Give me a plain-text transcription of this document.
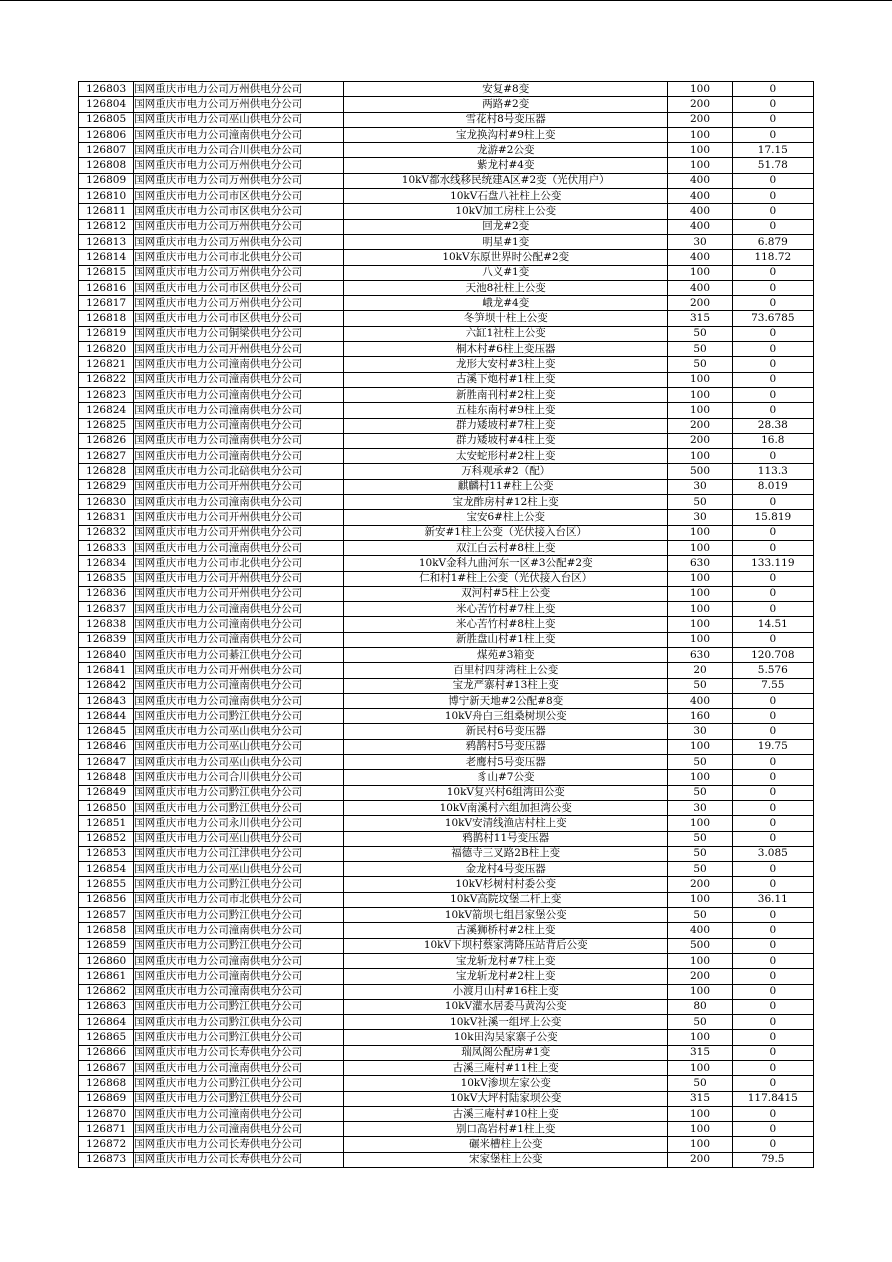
126803	国网重庆市电力公司万州供电分公司	安复#8变	100	0
126804	国网重庆市电力公司万州供电分公司	两路#2变	200	0
126805	国网重庆市电力公司巫山供电分公司	雪花村8号变压器	200	0
126806	国网重庆市电力公司潼南供电分公司	宝龙换沟村#9柱上变	100	0
126807	国网重庆市电力公司合川供电分公司	龙游#2公变	100	17.15
126808	国网重庆市电力公司万州供电分公司	紫龙村#4变	100	51.78
126809	国网重庆市电力公司万州供电分公司	10kV都水线移民统建A区#2变（光伏用户）	400	0
126810	国网重庆市电力公司市区供电分公司	10kV石盘八社柱上公变	400	0
126811	国网重庆市电力公司市区供电分公司	10kV加工房柱上公变	400	0
126812	国网重庆市电力公司万州供电分公司	回龙#2变	400	0
126813	国网重庆市电力公司万州供电分公司	明星#1变	30	6.879
126814	国网重庆市电力公司市北供电分公司	10kV东原世界时公配#2变	400	118.72
126815	国网重庆市电力公司万州供电分公司	八义#1变	100	0
126816	国网重庆市电力公司市区供电分公司	天池8社柱上公变	400	0
126817	国网重庆市电力公司万州供电分公司	峨龙#4变	200	0
126818	国网重庆市电力公司市区供电分公司	冬笋坝十柱上公变	315	73.6785
126819	国网重庆市电力公司铜梁供电分公司	六缸1社柱上公变	50	0
126820	国网重庆市电力公司开州供电分公司	桐木村#6柱上变压器	50	0
126821	国网重庆市电力公司潼南供电分公司	龙形大安村#3柱上变	50	0
126822	国网重庆市电力公司潼南供电分公司	古溪下炮村#1柱上变	100	0
126823	国网重庆市电力公司潼南供电分公司	新胜南刊村#2柱上变	100	0
126824	国网重庆市电力公司潼南供电分公司	五桂东南村#9柱上变	100	0
126825	国网重庆市电力公司潼南供电分公司	群力矮坡村#7柱上变	200	28.38
126826	国网重庆市电力公司潼南供电分公司	群力矮坡村#4柱上变	200	16.8
126827	国网重庆市电力公司潼南供电分公司	太安蛇形村#2柱上变	100	0
126828	国网重庆市电力公司北碚供电分公司	万科观承#2（配）	500	113.3
126829	国网重庆市电力公司开州供电分公司	麒麟村11#柱上公变	30	8.019
126830	国网重庆市电力公司潼南供电分公司	宝龙酢房村#12柱上变	50	0
126831	国网重庆市电力公司开州供电分公司	宝安6#柱上公变	30	15.819
126832	国网重庆市电力公司开州供电分公司	新安#1柱上公变（光伏接入台区）	100	0
126833	国网重庆市电力公司潼南供电分公司	双江白云村#8柱上变	100	0
126834	国网重庆市电力公司市北供电分公司	10kV金科九曲河东一区#3公配#2变	630	133.119
126835	国网重庆市电力公司开州供电分公司	仁和村1#柱上公变（光伏接入台区）	100	0
126836	国网重庆市电力公司开州供电分公司	双河村#5柱上公变	100	0
126837	国网重庆市电力公司潼南供电分公司	米心苦竹村#7柱上变	100	0
126838	国网重庆市电力公司潼南供电分公司	米心苦竹村#8柱上变	100	14.51
126839	国网重庆市电力公司潼南供电分公司	新胜盘山村#1柱上变	100	0
126840	国网重庆市电力公司綦江供电分公司	煤苑#3箱变	630	120.708
126841	国网重庆市电力公司开州供电分公司	百里村四芽湾柱上公变	20	5.576
126842	国网重庆市电力公司潼南供电分公司	宝龙严寨村#13柱上变	50	7.55
126843	国网重庆市电力公司潼南供电分公司	博宁新天地#2公配#8变	400	0
126844	国网重庆市电力公司黔江供电分公司	10kV舟白三组桑树坝公变	160	0
126845	国网重庆市电力公司巫山供电分公司	新民村6号变压器	30	0
126846	国网重庆市电力公司巫山供电分公司	鸦鹊村5号变压器	100	19.75
126847	国网重庆市电力公司巫山供电分公司	老鹰村5号变压器	50	0
126848	国网重庆市电力公司合川供电分公司	豸山#7公变	100	0
126849	国网重庆市电力公司黔江供电分公司	10kV复兴村6组湾田公变	50	0
126850	国网重庆市电力公司黔江供电分公司	10kV南溪村六组加担湾公变	30	0
126851	国网重庆市电力公司永川供电分公司	10kV安清线渔店村柱上变	100	0
126852	国网重庆市电力公司巫山供电分公司	鸦鹊村11号变压器	50	0
126853	国网重庆市电力公司江津供电分公司	福德寺三叉路2B柱上变	50	3.085
126854	国网重庆市电力公司巫山供电分公司	金龙村4号变压器	50	0
126855	国网重庆市电力公司黔江供电分公司	10kV杉树村村委公变	200	0
126856	国网重庆市电力公司市北供电分公司	10kV高院坟堡二杆上变	100	36.11
126857	国网重庆市电力公司黔江供电分公司	10kV箭坝七组吕家堡公变	50	0
126858	国网重庆市电力公司潼南供电分公司	古溪狮桥村#2柱上变	400	0
126859	国网重庆市电力公司黔江供电分公司	10kV下坝村蔡家湾降压站背后公变	500	0
126860	国网重庆市电力公司潼南供电分公司	宝龙斩龙村#7柱上变	100	0
126861	国网重庆市电力公司潼南供电分公司	宝龙斩龙村#2柱上变	200	0
126862	国网重庆市电力公司潼南供电分公司	小渡月山村#16柱上变	100	0
126863	国网重庆市电力公司黔江供电分公司	10kV灌水居委马黄沟公变	80	0
126864	国网重庆市电力公司黔江供电分公司	10kV社溪一组坪上公变	50	0
126865	国网重庆市电力公司黔江供电分公司	10k田沟吴家寨子公变	100	0
126866	国网重庆市电力公司长寿供电分公司	瑞凤阁公配房#1变	315	0
126867	国网重庆市电力公司潼南供电分公司	古溪三庵村#11柱上变	100	0
126868	国网重庆市电力公司黔江供电分公司	10kV渗坝左家公变	50	0
126869	国网重庆市电力公司黔江供电分公司	10kV大坪村陆家坝公变	315	117.8415
126870	国网重庆市电力公司潼南供电分公司	古溪三庵村#10柱上变	100	0
126871	国网重庆市电力公司潼南供电分公司	别口高岩村#1柱上变	100	0
126872	国网重庆市电力公司长寿供电分公司	碾米槽柱上公变	100	0
126873	国网重庆市电力公司长寿供电分公司	宋家堡柱上公变	200	79.5
